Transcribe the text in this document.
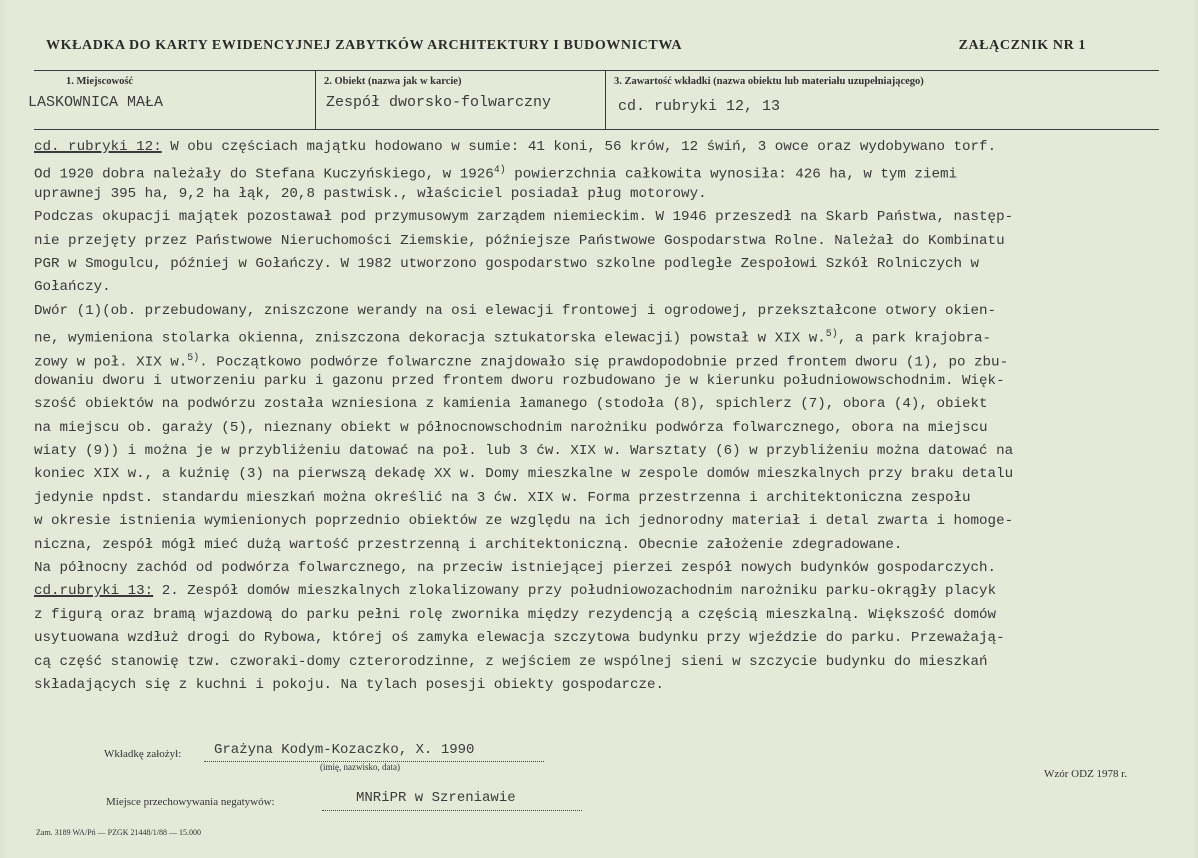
WKŁADKA DO KARTY EWIDENCYJNEJ ZABYTKÓW ARCHITEKTURY I BUDOWNICTWA	ZAŁĄCZNIK NR 1
1. Miejscowość
LASKOWNICA MAŁA
2. Obiekt (nazwa jak w karcie)
Zespół dworsko-folwarczny
3. Zawartość wkładki (nazwa obiektu lub materiału uzupełniającego)
cd. rubryki 12, 13
cd. rubryki 12: W obu częściach majątku hodowano w sumie: 41 koni, 56 krów, 12 świń, 3 owce oraz wydobywano torf.
Od 1920 dobra należały do Stefana Kuczyńskiego, w 1926$^{4)}$ powierzchnia całkowita wynosiła: 426 ha, w tym ziemi
uprawnej 395 ha, 9,2 ha łąk, 20,8 pastwisk., właściciel posiadał pług motorowy.
Podczas okupacji majątek pozostawał pod przymusowym zarządem niemieckim. W 1946 przeszedł na Skarb Państwa, następ-
nie przejęty przez Państwowe Nieruchomości Ziemskie, późniejsze Państwowe Gospodarstwa Rolne. Należał do Kombinatu
PGR w Smogulcu, później w Gołańczy. W 1982 utworzono gospodarstwo szkolne podległe Zespołowi Szkół Rolniczych w
Gołańczy.
Dwór (1)(ob. przebudowany, zniszczone werandy na osi elewacji frontowej i ogrodowej, przekształcone otwory okien-
ne, wymieniona stolarka okienna, zniszczona dekoracja sztukatorska elewacji) powstał w XIX w.$^{5)}$, a park krajobra-
zowy w poł. XIX w.$^{5)}$. Początkowo podwórze folwarczne znajdowało się prawdopodobnie przed frontem dworu (1), po zbu-
dowaniu dworu i utworzeniu parku i gazonu przed frontem dworu rozbudowano je w kierunku południowowschodnim. Więk-
szość obiektów na podwórzu została wzniesiona z kamienia łamanego (stodoła (8), spichlerz (7), obora (4), obiekt
na miejscu ob. garaży (5), nieznany obiekt w północnowschodnim narożniku podwórza folwarcznego, obora na miejscu
wiaty (9)) i można je w przybliżeniu datować na poł. lub 3 ćw. XIX w. Warsztaty (6) w przybliżeniu można datować na
koniec XIX w., a kuźnię (3) na pierwszą dekadę XX w. Domy mieszkalne w zespole domów mieszkalnych przy braku detalu
jedynie npdst. standardu mieszkań można określić na 3 ćw. XIX w. Forma przestrzenna i architektoniczna zespołu
w okresie istnienia wymienionych poprzednio obiektów ze względu na ich jednorodny materiał i detal zwarta i homoge-
niczna, zespół mógł mieć dużą wartość przestrzenną i architektoniczną. Obecnie założenie zdegradowane.
Na północny zachód od podwórza folwarcznego, na przeciw istniejącej pierzei zespół nowych budynków gospodarczych.
cd.rubryki 13: 2. Zespół domów mieszkalnych zlokalizowany przy południowozachodnim narożniku parku-okrągły placyk
z figurą oraz bramą wjazdową do parku pełni rolę zwornika między rezydencją a częścią mieszkalną. Większość domów
usytuowana wzdłuż drogi do Rybowa, której oś zamyka elewacja szczytowa budynku przy wjeździe do parku. Przeważają-
cą część stanowię tzw. czworaki-domy czterorodzinne, z wejściem ze wspólnej sieni w szczycie budynku do mieszkań
składających się z kuchni i pokoju. Na tylach posesji obiekty gospodarcze.
Wkładkę założył: Grażyna Kodym-Kozaczko, X. 1990
(imię, nazwisko, data)
Wzór ODZ 1978 r.
Miejsce przechowywania negatywów:	MNRiPR w Szreniawie
Zam. 3189 WA/Pń — PZGK 21448/1/88 — 15.000
